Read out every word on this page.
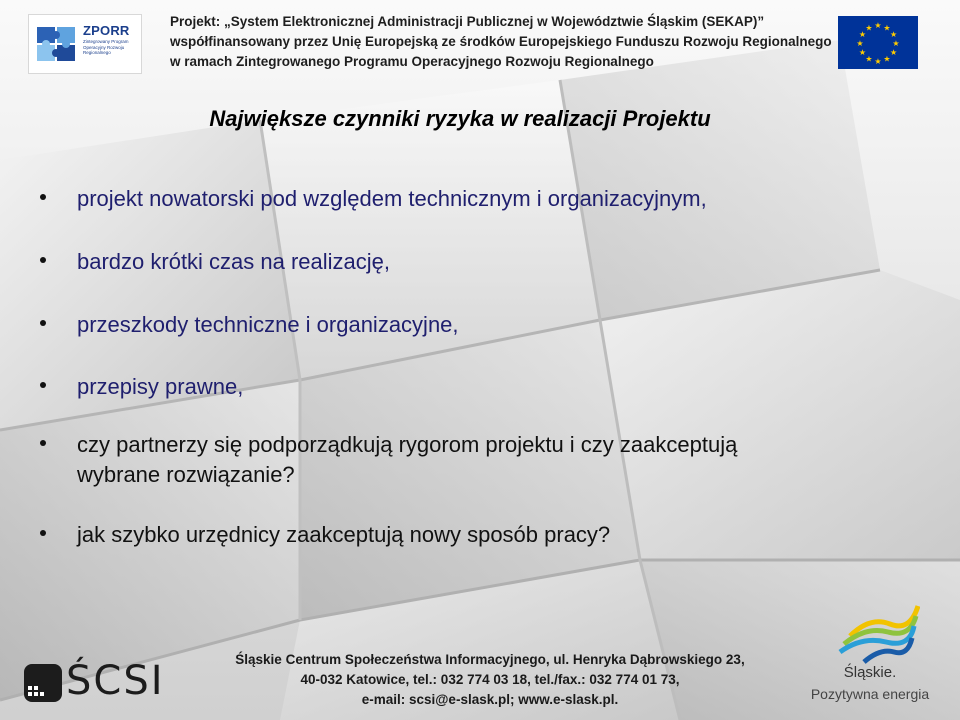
ZPORR
Zintegrowany Program Operacyjny Rozwoju Regionalnego
Projekt: „System Elektronicznej Administracji Publicznej w Województwie Śląskim (SEKAP)”
współfinansowany przez Unię Europejską ze środków Europejskiego Funduszu Rozwoju Regionalnego
w ramach Zintegrowanego Programu Operacyjnego Rozwoju Regionalnego
★ ★
★
★
★
★
★
★
★
★
★
★
Największe czynniki ryzyka w realizacji Projektu
projekt nowatorski pod względem technicznym i organizacyjnym,
bardzo krótki czas na realizację,
przeszkody techniczne i organizacyjne,
przepisy prawne,
czy partnerzy się podporządkują rygorom projektu i czy zaakceptują wybrane rozwiązanie?
jak szybko urzędnicy zaakceptują nowy sposób pracy?
ŚCSI	Śląskie Centrum Społeczeństwa Informacyjnego, ul. Henryka Dąbrowskiego 23,
40-032 Katowice, tel.: 032 774 03 18, tel./fax.: 032 774 01 73,
e-mail: scsi@e-slask.pl; www.e-slask.pl.
Śląskie.
Pozytywna energia
